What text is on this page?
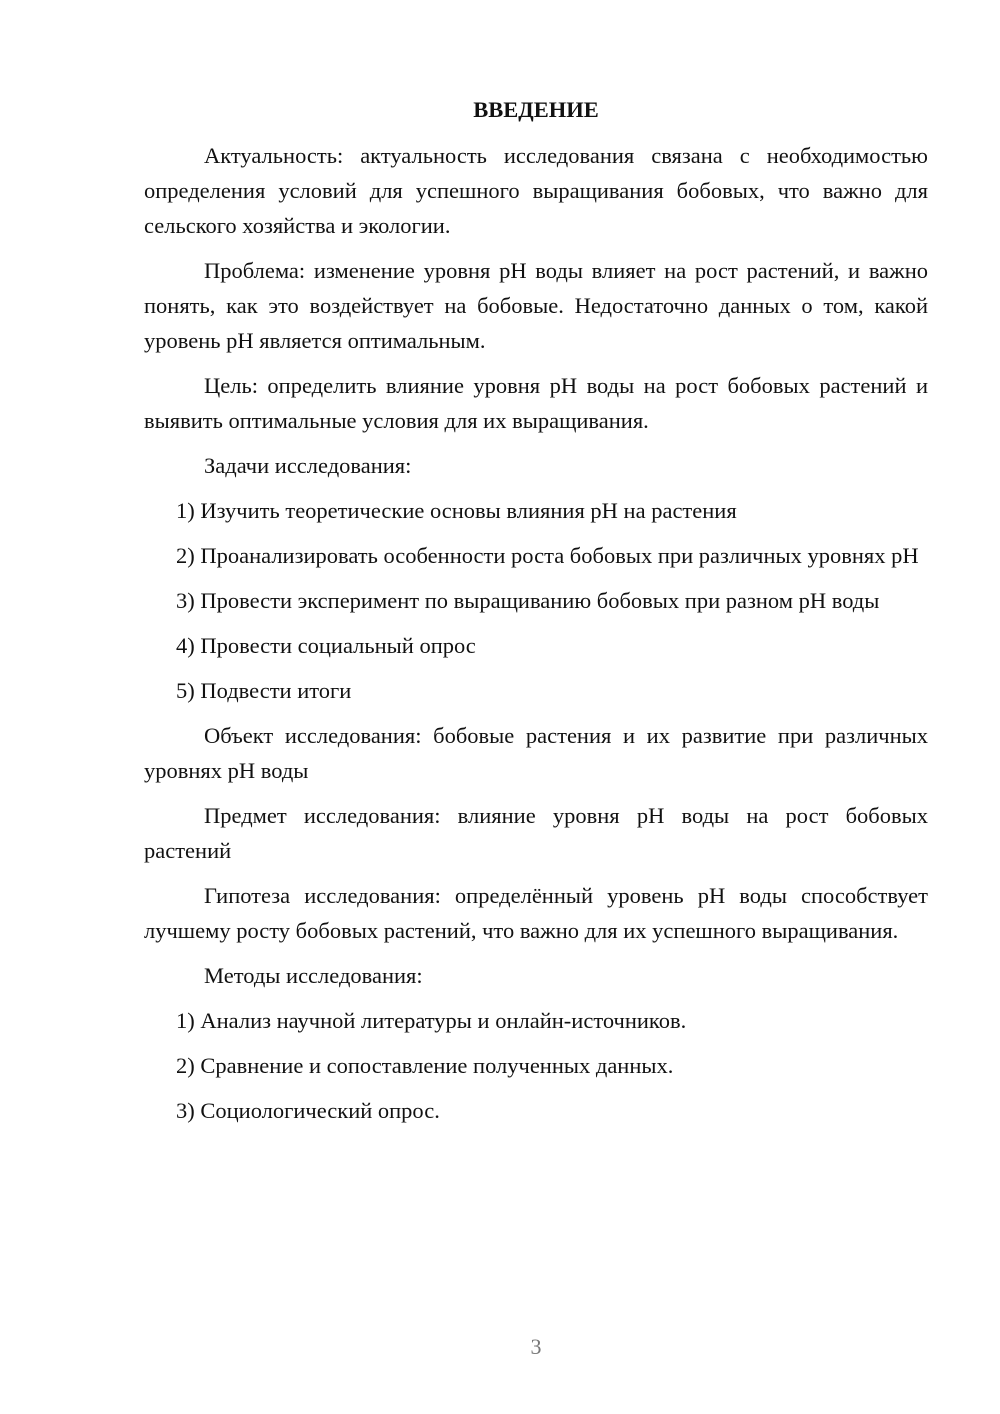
ВВЕДЕНИЕ

Актуальность: актуальность исследования связана с необходимостью определения условий для успешного выращивания бобовых, что важно для сельского хозяйства и экологии.

Проблема: изменение уровня pH воды влияет на рост растений, и важно понять, как это воздействует на бобовые. Недостаточно данных о том, какой уровень pH является оптимальным.

Цель: определить влияние уровня pH воды на рост бобовых растений и выявить оптимальные условия для их выращивания.

Задачи исследования:

1) Изучить теоретические основы влияния pH на растения

2) Проанализировать особенности роста бобовых при различных уровнях pH

3) Провести эксперимент по выращиванию бобовых при разном pH воды

4) Провести социальный опрос

5) Подвести итоги

Объект исследования: бобовые растения и их развитие при различных уровнях pH воды

Предмет исследования: влияние уровня pH воды на рост бобовых растений

Гипотеза исследования: определённый уровень pH воды способствует лучшему росту бобовых растений, что важно для их успешного выращивания.

Методы исследования:

1) Анализ научной литературы и онлайн-источников.

2) Сравнение и сопоставление полученных данных.

3) Социологический опрос.

3
